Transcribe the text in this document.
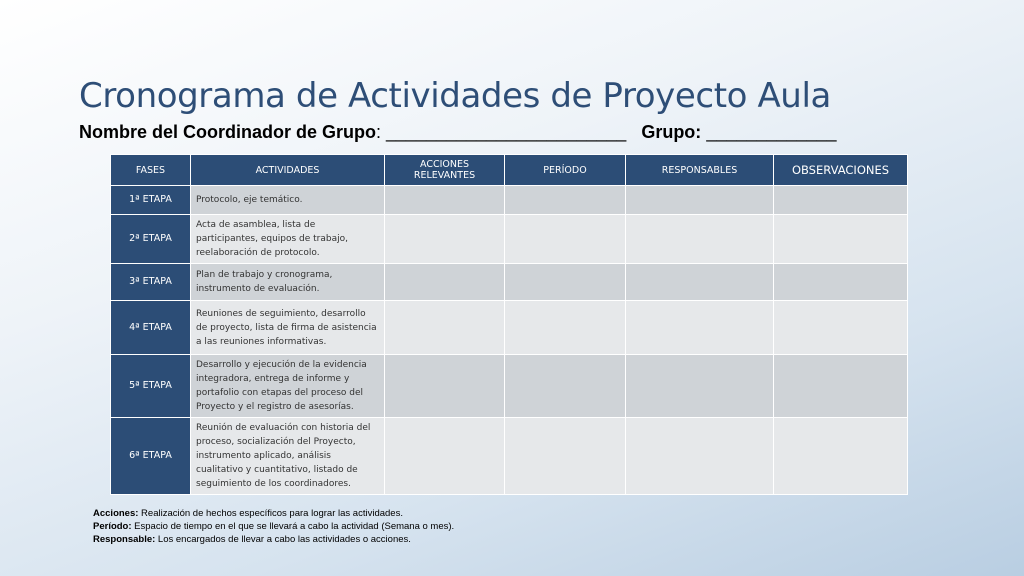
Cronograma de Actividades de Proyecto Aula
Nombre del Coordinador de Grupo: ________________________ Grupo: _____________
FASES	ACTIVIDADES	ACCIONES RELEVANTES	PERÍODO	RESPONSABLES	OBSERVACIONES
1ª ETAPA	Protocolo, eje temático.				
2ª ETAPA	Acta de asamblea, lista de participantes, equipos de trabajo, reelaboración de protocolo.				
3ª ETAPA	Plan de trabajo y cronograma, instrumento de evaluación.				
4ª ETAPA	Reuniones de seguimiento, desarrollo de proyecto, lista de firma de asistencia a las reuniones informativas.				
5ª ETAPA	Desarrollo y ejecución de la evidencia integradora, entrega de informe y portafolio con etapas del proceso del Proyecto y el registro de asesorías.				
6ª ETAPA	Reunión de evaluación con historia del proceso, socialización del Proyecto, instrumento aplicado, análisis cualitativo y cuantitativo, listado de seguimiento de los coordinadores.				
Acciones: Realización de hechos específicos para lograr las actividades.
Período: Espacio de tiempo en el que se llevará a cabo la actividad (Semana o mes).
Responsable: Los encargados de llevar a cabo las actividades o acciones.
